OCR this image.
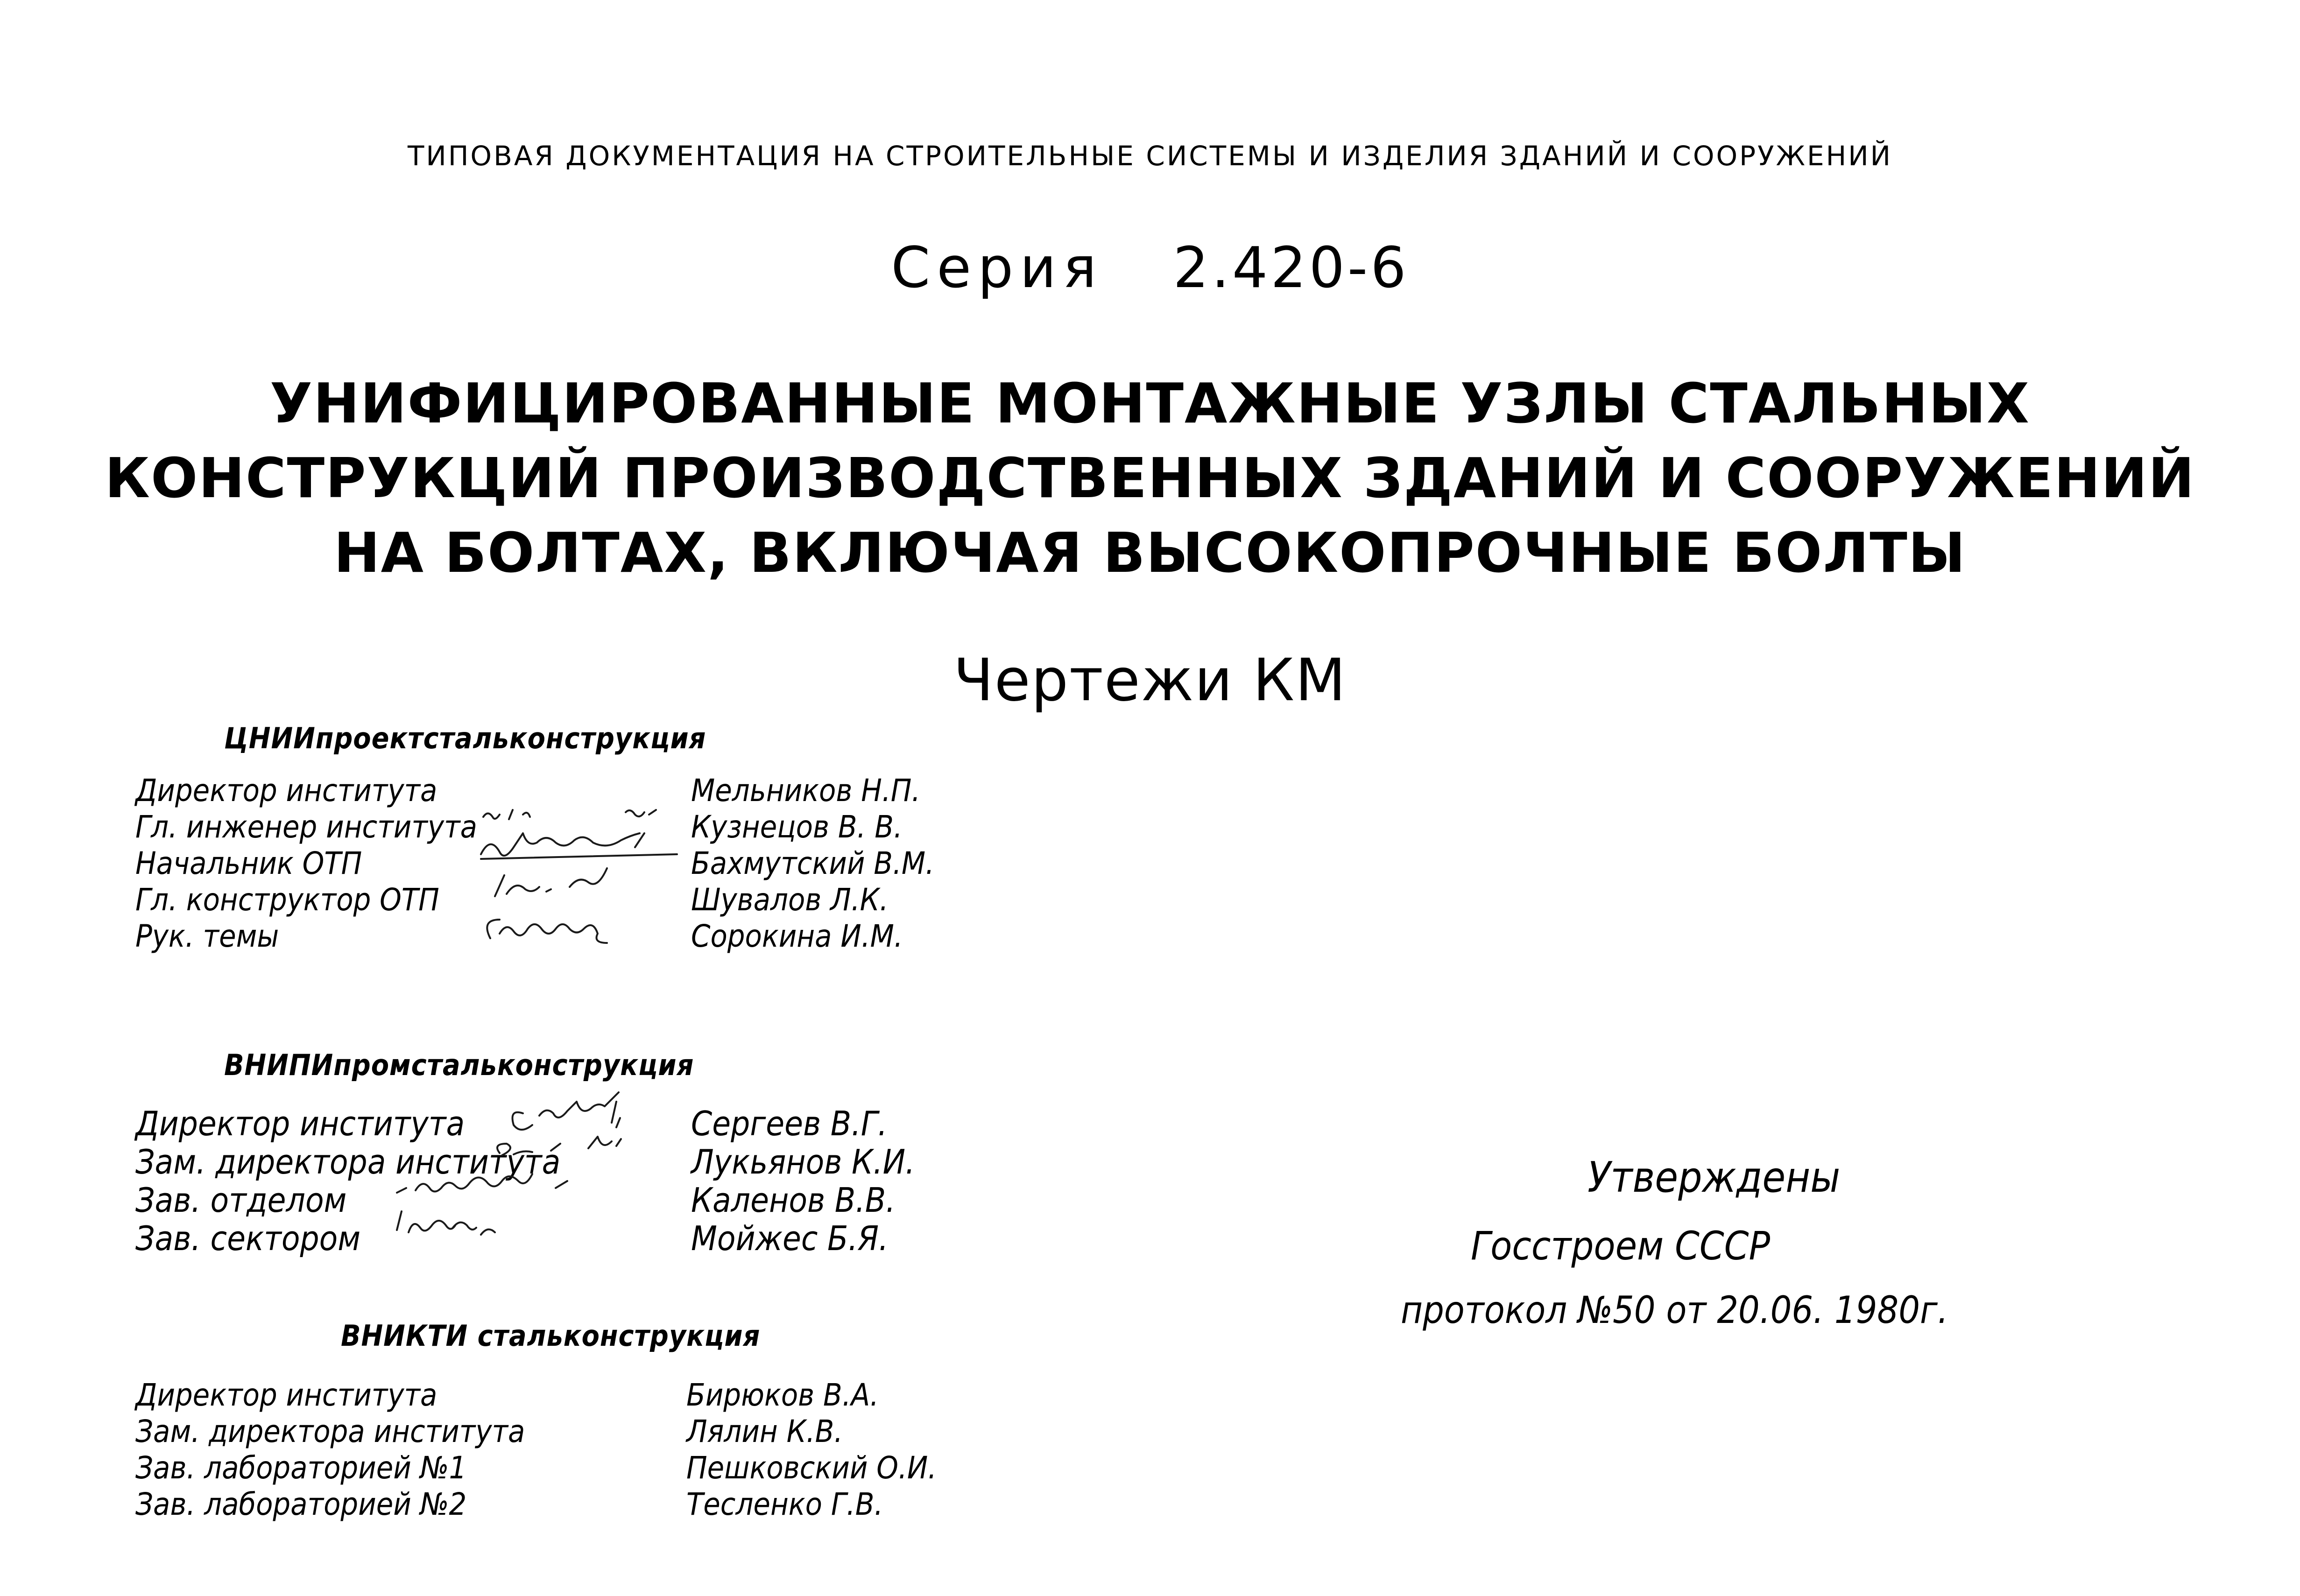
ТИПОВАЯ ДОКУМЕНТАЦИЯ НА СТРОИТЕЛЬНЫЕ СИСТЕМЫ И ИЗДЕЛИЯ ЗДАНИЙ И СООРУЖЕНИЙ
Серия 2.420-6
УНИФИЦИРОВАННЫЕ МОНТАЖНЫЕ УЗЛЫ СТАЛЬНЫХ
КОНСТРУКЦИЙ ПРОИЗВОДСТВЕННЫХ ЗДАНИЙ И СООРУЖЕНИЙ
НА БОЛТАХ, ВКЛЮЧАЯ ВЫСОКОПРОЧНЫЕ БОЛТЫ
Чертежи КМ
ЦНИИпроектстальконструкция
Директор института	Мельников Н.П.
Гл. инженер института	Кузнецов В. В.
Начальник ОТП	Бахмутский В.М.
Гл. конструктор ОТП	Шувалов Л.К.
Рук. темы	Сорокина И.М.
ВНИПИпромстальконструкция
Директор института	Сергеев В.Г.
Зам. директора института	Лукьянов К.И.
Зав. отделом	Каленов В.В.
Зав. сектором	Мойжес Б.Я.
ВНИКТИ стальконструкция
Директор института	Бирюков В.А.
Зам. директора института	Лялин К.В.
Зав. лабораторией №1	Пешковский О.И.
Зав. лабораторией №2	Тесленко Г.В.
Утверждены
Госстроем СССР
протокол №50 от 20.06. 1980г.
